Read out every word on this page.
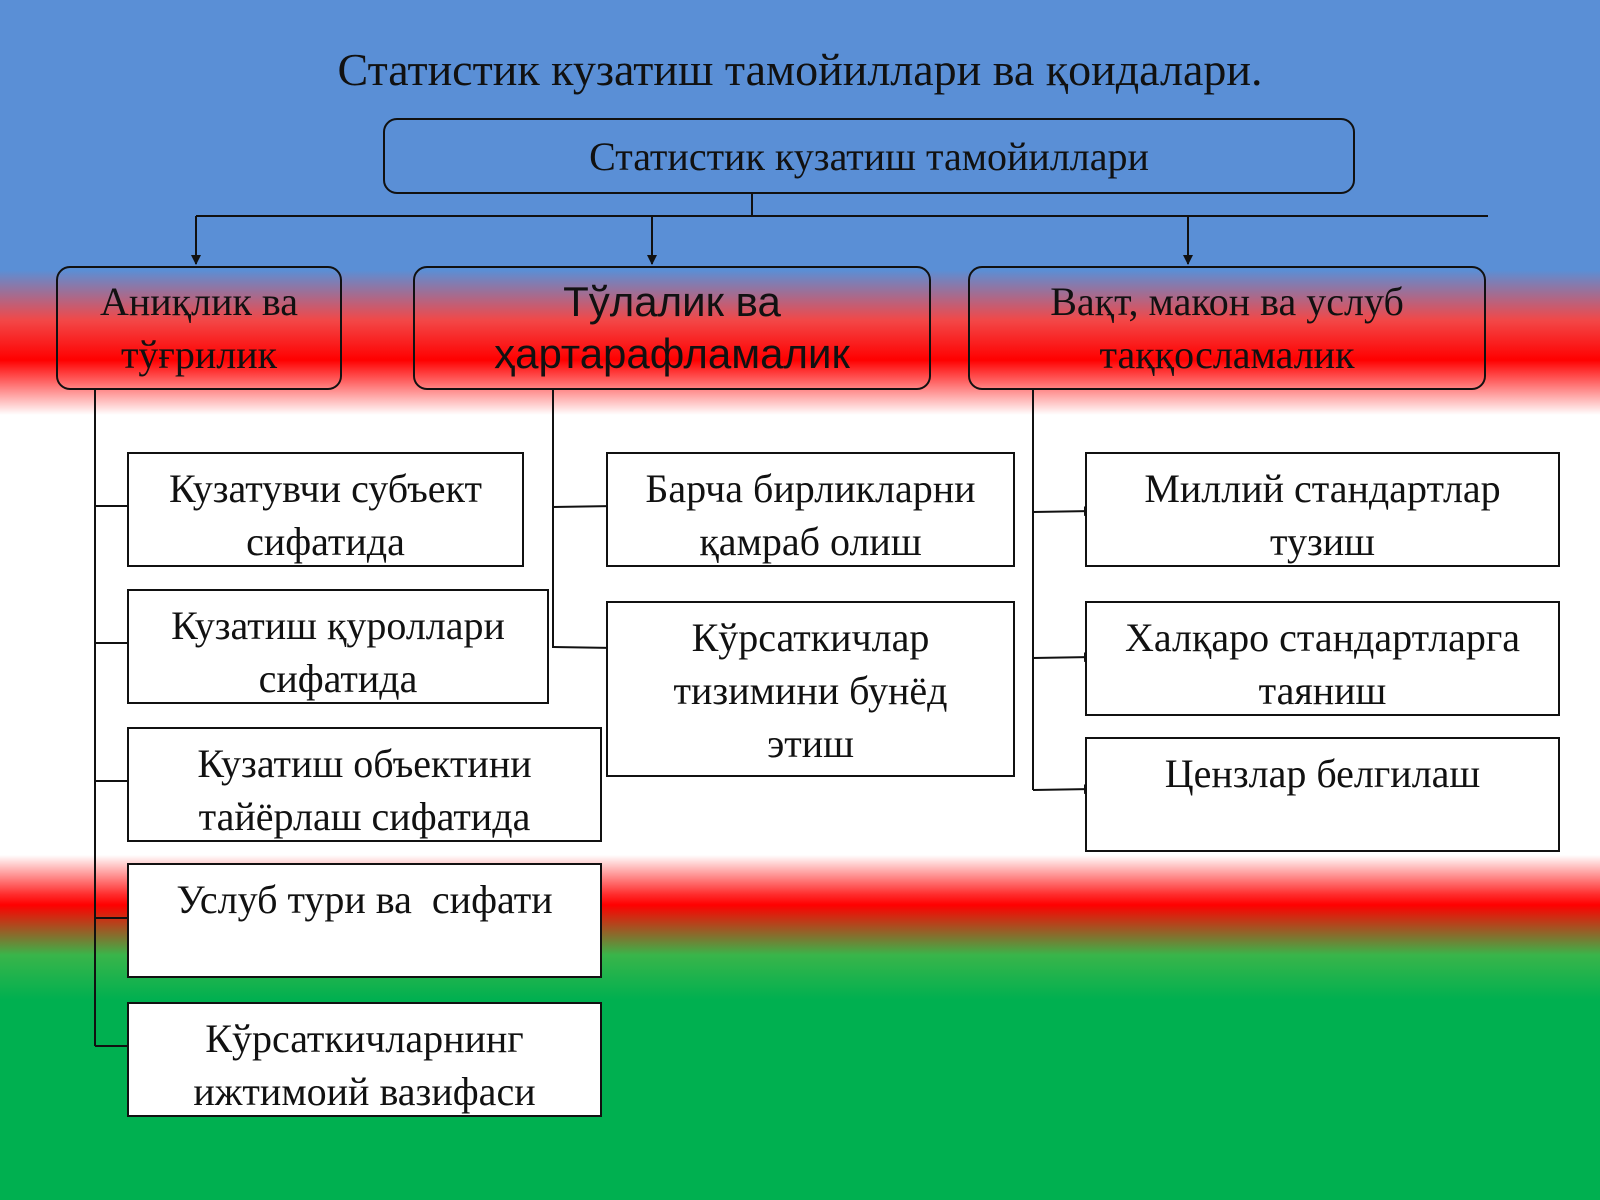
Статистик кузатиш тамойиллари ва қоидалари.
Статистик кузатиш тамойиллари
Аниқлик ва тўғрилик
Тўлалик ва ҳартарафламалик
Вақт, макон ва услуб таққосламалик
Кузатувчи субъект сифатида
Кузатиш қуроллари сифатида
Кузатиш объектини тайёрлаш сифатида
Услуб тури ва  сифати
Кўрсаткичларнинг ижтимоий вазифаси
Барча бирликларни қамраб олиш
Кўрсаткичлар тизимини бунёд этиш
Миллий стандартлар тузиш
Халқаро стандартларга таяниш
Цензлар белгилаш
